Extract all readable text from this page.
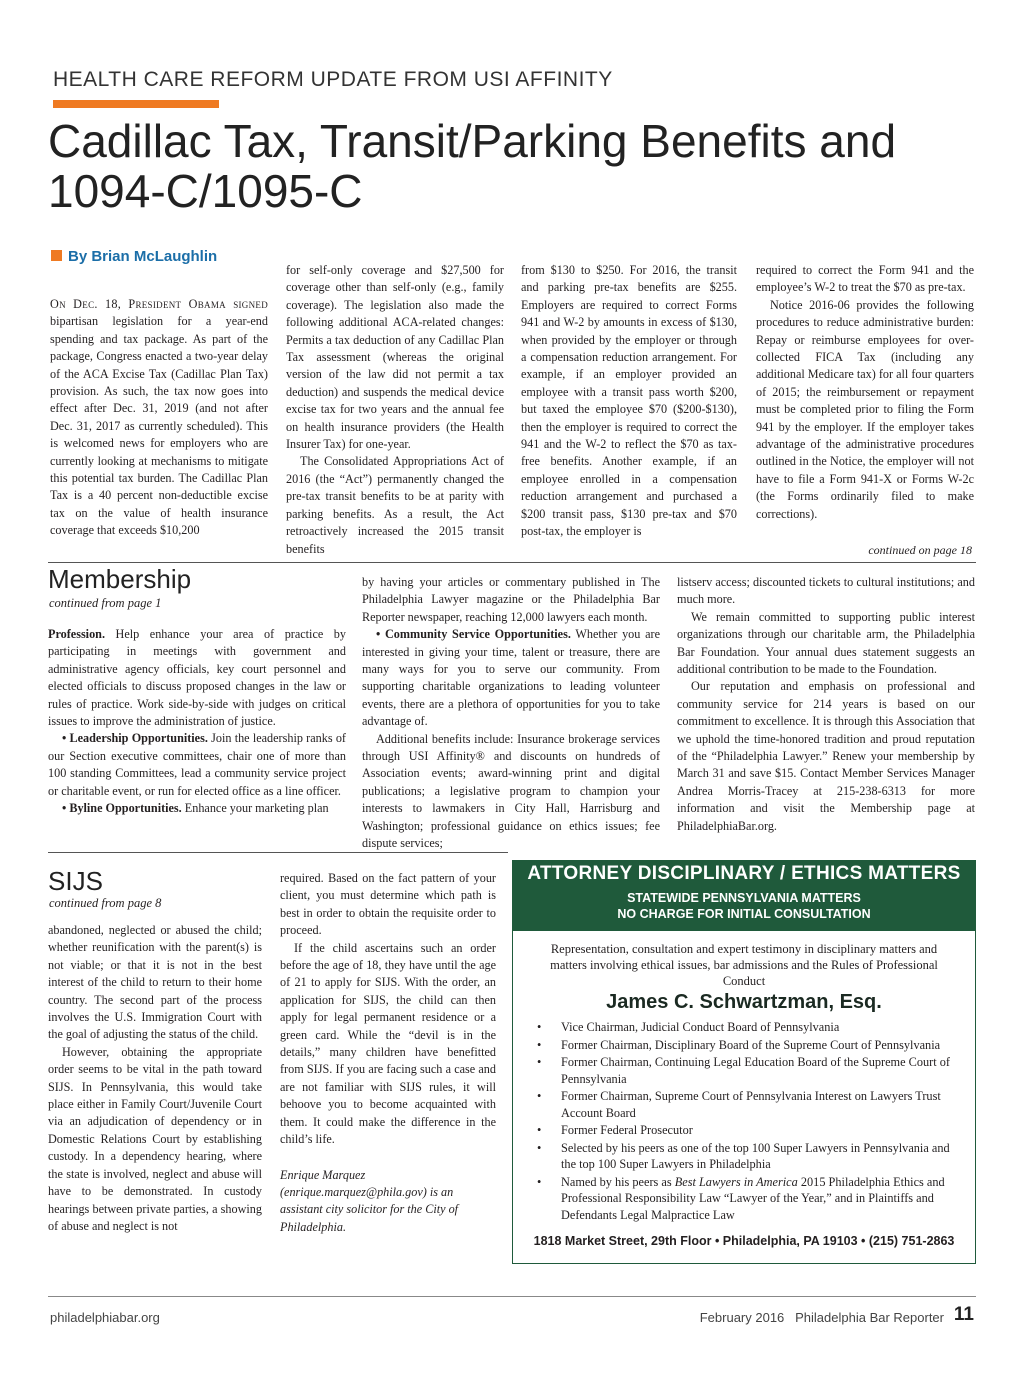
HEALTH CARE REFORM UPDATE FROM USI AFFINITY
Cadillac Tax, Transit/Parking Benefits and 1094-C/1095-C
By Brian McLaughlin

On Dec. 18, President Obama signed bipartisan legislation for a year-end spending and tax package. As part of the package, Congress enacted a two-year delay of the ACA Excise Tax (Cadillac Plan Tax) provision. As such, the tax now goes into effect after Dec. 31, 2019 (and not after Dec. 31, 2017 as currently scheduled). This is welcomed news for employers who are currently looking at mechanisms to mitigate this potential tax burden. The Cadillac Plan Tax is a 40 percent non-deductible excise tax on the value of health insurance coverage that exceeds $10,200

for self-only coverage and $27,500 for coverage other than self-only (e.g., family coverage). The legislation also made the following additional ACA-related changes: Permits a tax deduction of any Cadillac Plan Tax assessment (whereas the original version of the law did not permit a tax deduction) and suspends the medical device excise tax for two years and the annual fee on health insurance providers (the Health Insurer Tax) for one-year.

The Consolidated Appropriations Act of 2016 (the “Act”) permanently changed the pre-tax transit benefits to be at parity with parking benefits. As a result, the Act retroactively increased the 2015 transit benefits

from $130 to $250. For 2016, the transit and parking pre-tax benefits are $255. Employers are required to correct Forms 941 and W-2 by amounts in excess of $130, when provided by the employer or through a compensation reduction arrangement. For example, if an employer provided an employee with a transit pass worth $200, but taxed the employee $70 ($200-$130), then the employer is required to correct the 941 and the W-2 to reflect the $70 as tax-free benefits. Another example, if an employee enrolled in a compensation reduction arrangement and purchased a $200 transit pass, $130 pre-tax and $70 post-tax, the employer is

required to correct the Form 941 and the employee’s W-2 to treat the $70 as pre-tax.

Notice 2016-06 provides the following procedures to reduce administrative burden: Repay or reimburse employees for over-collected FICA Tax (including any additional Medicare tax) for all four quarters of 2015; the reimbursement or repayment must be completed prior to filing the Form 941 by the employer. If the employer takes advantage of the administrative procedures outlined in the Notice, the employer will not have to file a Form 941-X or Forms W-2c (the Forms ordinarily filed to make corrections).

continued on page 18
Membership
continued from page 1

Profession. Help enhance your area of practice by participating in meetings with government and administrative agency officials, key court personnel and elected officials to discuss proposed changes in the law or rules of practice. Work side-by-side with judges on critical issues to improve the administration of justice.

• Leadership Opportunities. Join the leadership ranks of our Section executive committees, chair one of more than 100 standing Committees, lead a community service project or charitable event, or run for elected office as a line officer.

• Byline Opportunities. Enhance your marketing plan

by having your articles or commentary published in The Philadelphia Lawyer magazine or the Philadelphia Bar Reporter newspaper, reaching 12,000 lawyers each month.

• Community Service Opportunities. Whether you are interested in giving your time, talent or treasure, there are many ways for you to serve our community. From supporting charitable organizations to leading volunteer events, there are a plethora of opportunities for you to take advantage of.

Additional benefits include: Insurance brokerage services through USI Affinity® and discounts on hundreds of Association events; award-winning print and digital publications; a legislative program to champion your interests to lawmakers in City Hall, Harrisburg and Washington; professional guidance on ethics issues; fee dispute services;

listserv access; discounted tickets to cultural institutions; and much more.

We remain committed to supporting public interest organizations through our charitable arm, the Philadelphia Bar Foundation. Your annual dues statement suggests an additional contribution to be made to the Foundation.

Our reputation and emphasis on professional and community service for 214 years is based on our commitment to excellence. It is through this Association that we uphold the time-honored tradition and proud reputation of the “Philadelphia Lawyer.” Renew your membership by March 31 and save $15. Contact Member Services Manager Andrea Morris-Tracey at 215-238-6313 for more information and visit the Membership page at PhiladelphiaBar.org.

SIJS
continued from page 8

abandoned, neglected or abused the child; whether reunification with the parent(s) is not viable; or that it is not in the best interest of the child to return to their home country. The second part of the process involves the U.S. Immigration Court with the goal of adjusting the status of the child.

However, obtaining the appropriate order seems to be vital in the path toward SIJS. In Pennsylvania, this would take place either in Family Court/Juvenile Court via an adjudication of dependency or in Domestic Relations Court by establishing custody. In a dependency hearing, where the state is involved, neglect and abuse will have to be demonstrated. In custody hearings between private parties, a showing of abuse and neglect is not

required. Based on the fact pattern of your client, you must determine which path is best in order to obtain the requisite order to proceed.

If the child ascertains such an order before the age of 18, they have until the age of 21 to apply for SIJS. With the order, an application for SIJS, the child can then apply for legal permanent residence or a green card. While the “devil is in the details,” many children have benefitted from SIJS. If you are facing such a case and are not familiar with SIJS rules, it will behoove you to become acquainted with them. It could make the difference in the child’s life.

Enrique Marquez (enrique.marquez@phila.gov) is an assistant city solicitor for the City of Philadelphia.

ATTORNEY DISCIPLINARY / ETHICS MATTERS
STATEWIDE PENNSYLVANIA MATTERS
NO CHARGE FOR INITIAL CONSULTATION
Representation, consultation and expert testimony in disciplinary matters and matters involving ethical issues, bar admissions and the Rules of Professional Conduct
James C. Schwartzman, Esq.
• Vice Chairman, Judicial Conduct Board of Pennsylvania
• Former Chairman, Disciplinary Board of the Supreme Court of Pennsylvania
• Former Chairman, Continuing Legal Education Board of the Supreme Court of Pennsylvania
• Former Chairman, Supreme Court of Pennsylvania Interest on Lawyers Trust Account Board
• Former Federal Prosecutor
• Selected by his peers as one of the top 100 Super Lawyers in Pennsylvania and the top 100 Super Lawyers in Philadelphia
• Named by his peers as Best Lawyers in America 2015 Philadelphia Ethics and Professional Responsibility Law “Lawyer of the Year,” and in Plaintiffs and Defendants Legal Malpractice Law
1818 Market Street, 29th Floor • Philadelphia, PA 19103 • (215) 751-2863
philadelphiabar.org	February 2016   Philadelphia Bar Reporter 11
